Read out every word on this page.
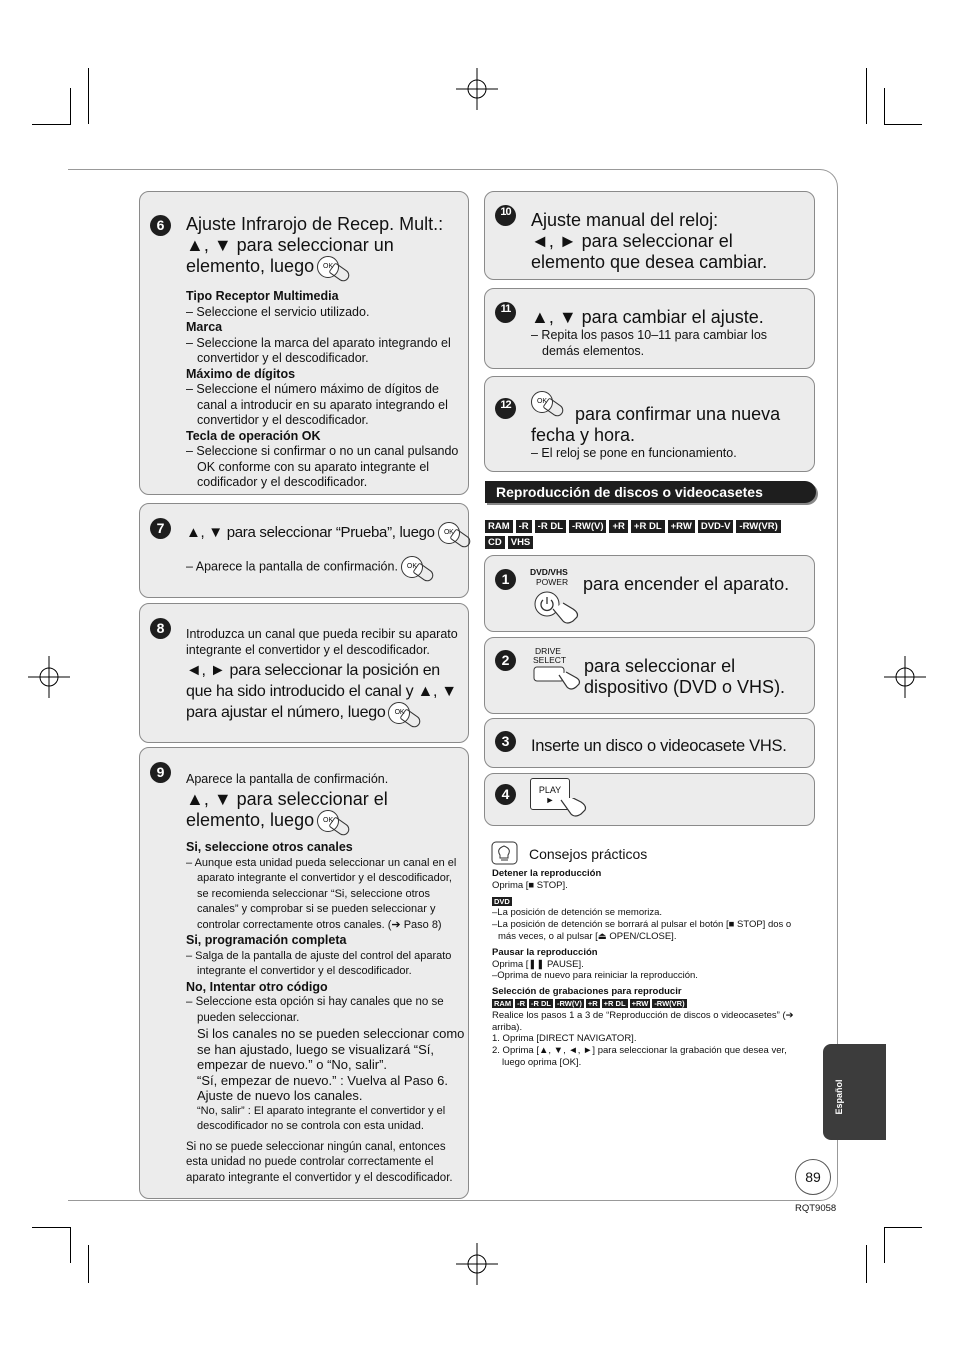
6	Ajuste Infrarojo de Recep. Mult.:
▲, ▼ para seleccionar un
elemento, luego OK
Tipo Receptor Multimedia
– Seleccione el servicio utilizado.
Marca
– Seleccione la marca del aparato integrando el convertidor y el descodificador.
Máximo de dígitos
– Seleccione el número máximo de dígitos de canal a introducir en su aparato integrando el convertidor y el descodificador.
Tecla de operación OK
– Seleccione si confirmar o no un canal pulsando OK conforme con su aparato integrante el codificador y el descodificador.
7	▲, ▼ para seleccionar “Prueba”, luego OK
– Aparece la pantalla de confirmación. OK
8	Introduzca un canal que pueda recibir su aparato integrante el convertidor y el descodificador.
◄, ► para seleccionar la posición en que ha sido introducido el canal y ▲, ▼ para ajustar el número, luego OK
9	Aparece la pantalla de confirmación.
▲, ▼ para seleccionar el
elemento, luego OK
Si, seleccione otros canales
– Aunque esta unidad pueda seleccionar un canal en el aparato integrante el convertidor y el descodificador, se recomienda seleccionar “Si, seleccione otros canales” y comprobar si se pueden seleccionar y controlar correctamente otros canales. (➔ Paso 8)
Si, programación completa
– Salga de la pantalla de ajuste del control del aparato integrante el convertidor y el descodificador.
No, Intentar otro código
– Seleccione esta opción si hay canales que no se pueden seleccionar.
Si los canales no se pueden seleccionar como se han ajustado, luego se visualizará “Sí, empezar de nuevo.” o “No, salir”.
“Sí, empezar de nuevo.” : Vuelva al Paso 6. Ajuste de nuevo los canales.
“No, salir” : El aparato integrante el convertidor y el descodificador no se controla con esta unidad.
Si no se puede seleccionar ningún canal, entonces esta unidad no puede controlar correctamente el aparato integrante el convertidor y el descodificador.
10 Ajuste manual del reloj:
◄, ► para seleccionar el
elemento que desea cambiar.
11	▲, ▼ para cambiar el ajuste.
– Repita los pasos 10–11 para cambiar los demás elementos.
12	OK
para confirmar una nueva
fecha y hora.
– El reloj se pone en funcionamiento.
Reproducción de discos o videocasetes
RAM -R -R DL -RW(V) +R +R DL +RW DVD-V -RW(VR)CD VHS
1	DVD/VHS
POWER para encender el aparato.
2
DRIVE
SELECT para seleccionar el
dispositivo (DVD o VHS).
3	Inserte un disco o videocasete VHS.
4	PLAY
►
Consejos prácticos
Detener la reproducción
Oprima [■ STOP].
DVD
–La posición de detención se memoriza.
–La posición de detención se borrará al pulsar el botón [■ STOP] dos o más veces, o al pulsar [⏏ OPEN/CLOSE].
Pausar la reproducción
Oprima [❚❚ PAUSE].
–Oprima de nuevo para reiniciar la reproducción.
Selección de grabaciones para reproducir
RAM -R -R DL -RW(V) +R +R DL +RW -RW(VR)
Realice los pasos 1 a 3 de “Reproducción de discos o videocasetes” (➔ arriba).
1. Oprima [DIRECT NAVIGATOR].
2. Oprima [▲, ▼, ◄, ►] para seleccionar la grabación que desea ver, luego oprima [OK].
Español
89
RQT9058
